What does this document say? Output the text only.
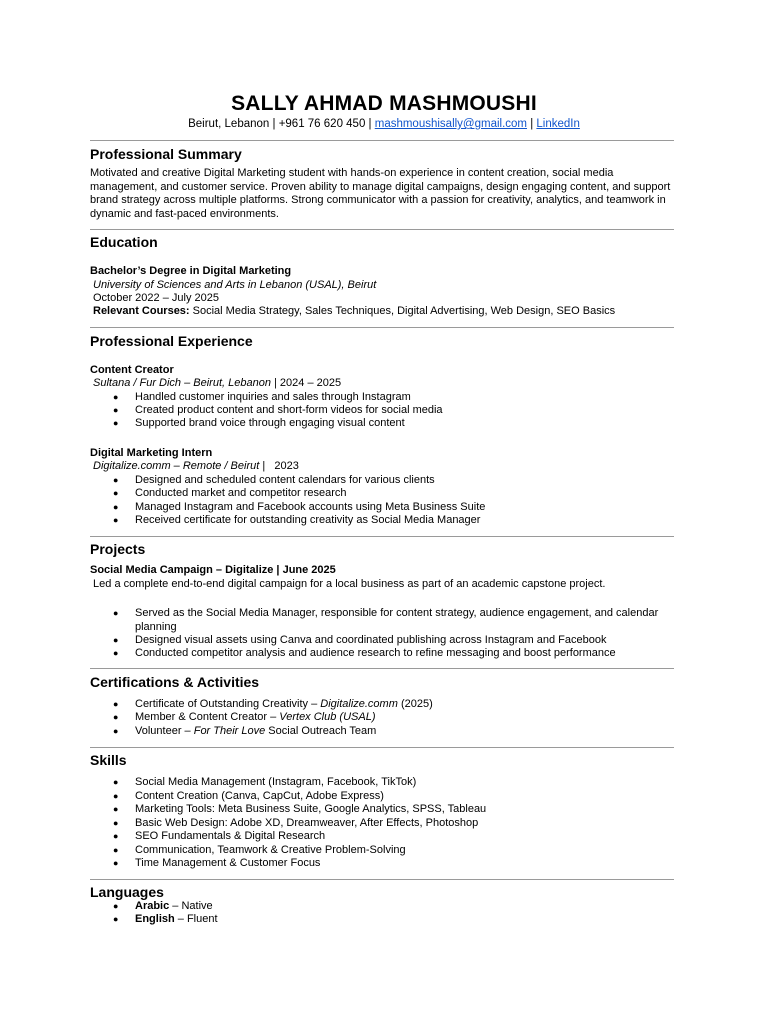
SALLY AHMAD MASHMOUSHI
Beirut, Lebanon | +961 76 620 450 | mashmoushisally@gmail.com | LinkedIn
Professional Summary
Motivated and creative Digital Marketing student with hands-on experience in content creation, social media management, and customer service. Proven ability to manage digital campaigns, design engaging content, and support brand strategy across multiple platforms. Strong communicator with a passion for creativity, analytics, and teamwork in dynamic and fast-paced environments.
Education
Bachelor’s Degree in Digital Marketing
University of Sciences and Arts in Lebanon (USAL), Beirut
October 2022 – July 2025
Relevant Courses: Social Media Strategy, Sales Techniques, Digital Advertising, Web Design, SEO Basics
Professional Experience
Content Creator
Sultana / Fur Dich – Beirut, Lebanon | 2024 – 2025
● Handled customer inquiries and sales through Instagram
● Created product content and short-form videos for social media
● Supported brand voice through engaging visual content
Digital Marketing Intern
Digitalize.comm – Remote / Beirut |   2023
● Designed and scheduled content calendars for various clients
● Conducted market and competitor research
● Managed Instagram and Facebook accounts using Meta Business Suite
● Received certificate for outstanding creativity as Social Media Manager
Projects
Social Media Campaign – Digitalize | June 2025
Led a complete end-to-end digital campaign for a local business as part of an academic capstone project.
● Served as the Social Media Manager, responsible for content strategy, audience engagement, and calendar planning
● Designed visual assets using Canva and coordinated publishing across Instagram and Facebook
● Conducted competitor analysis and audience research to refine messaging and boost performance
Certifications & Activities
● Certificate of Outstanding Creativity – Digitalize.comm (2025)
● Member & Content Creator – Vertex Club (USAL)
● Volunteer – For Their Love Social Outreach Team
Skills
● Social Media Management (Instagram, Facebook, TikTok)
● Content Creation (Canva, CapCut, Adobe Express)
● Marketing Tools: Meta Business Suite, Google Analytics, SPSS, Tableau
● Basic Web Design: Adobe XD, Dreamweaver, After Effects, Photoshop
● SEO Fundamentals & Digital Research
● Communication, Teamwork & Creative Problem-Solving
● Time Management & Customer Focus
Languages
● Arabic – Native
● English – Fluent
